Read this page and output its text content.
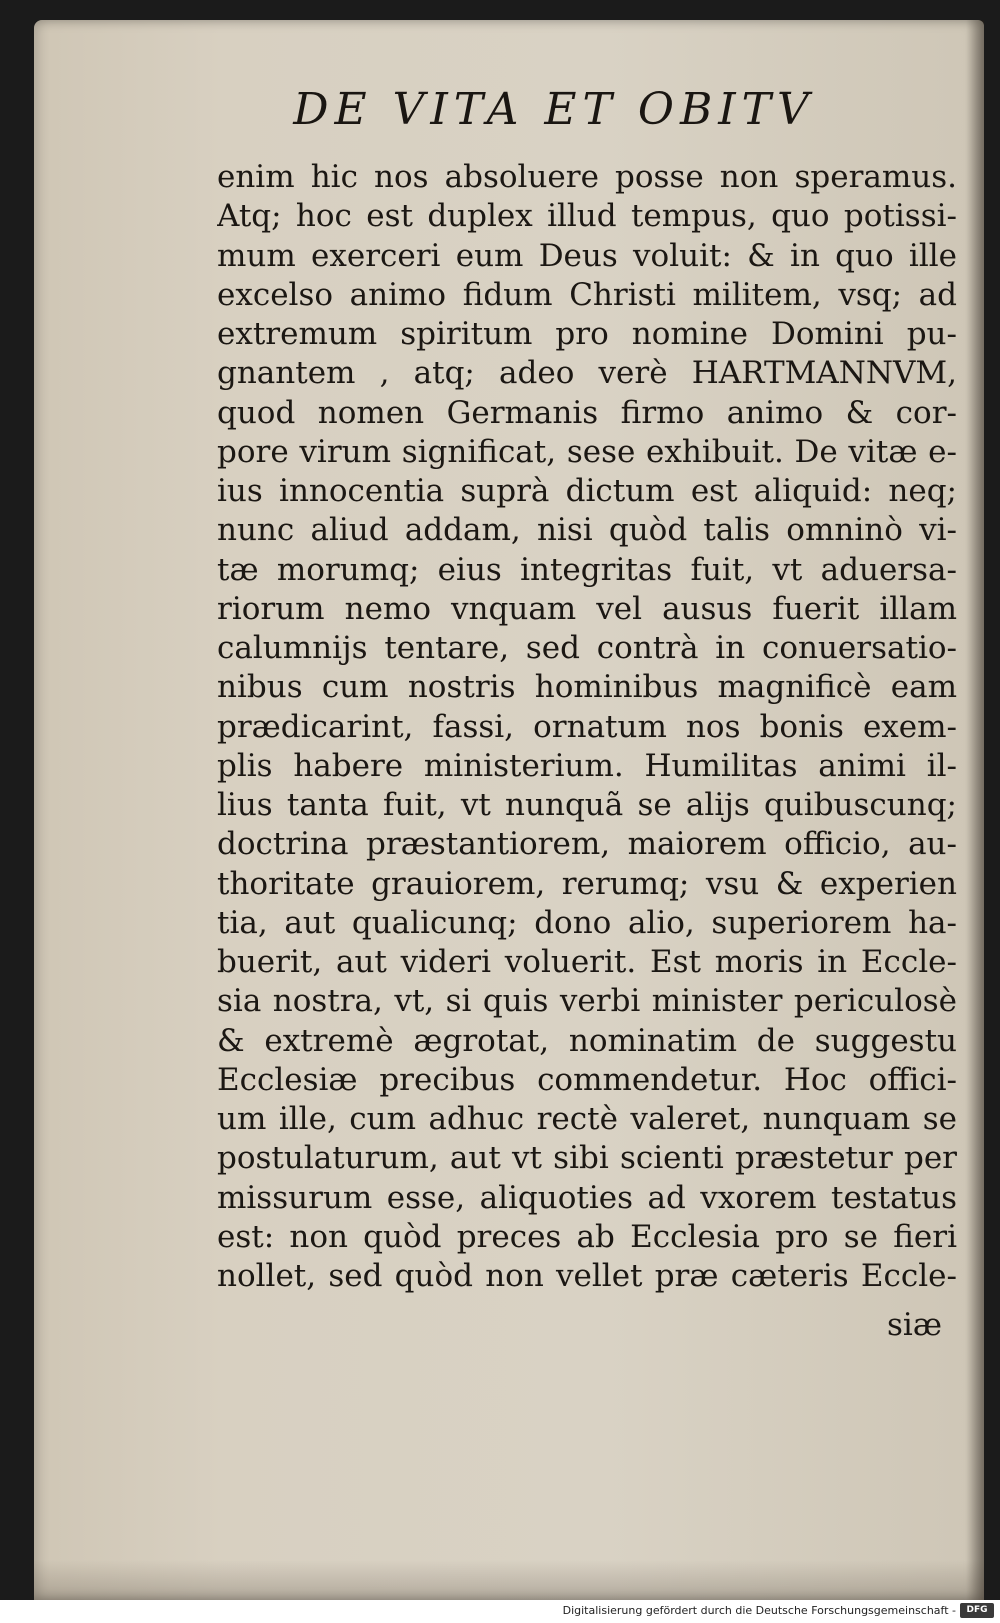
DE VITA ET OBITV
enim hic nos absoluere posse non speramus.
Atq; hoc est duplex illud tempus, quo potissi-
mum exerceri eum Deus voluit: & in quo ille
excelso animo fidum Christi militem, vsq; ad
extremum spiritum pro nomine Domini pu-
gnantem , atq; adeo verè HARTMANNVM,
quod nomen Germanis firmo animo & cor-
pore virum significat, sese exhibuit. De vitæ e-
ius innocentia suprà dictum est aliquid: neq;
nunc aliud addam, nisi quòd talis omninò vi-
tæ morumq; eius integritas fuit, vt aduersa-
riorum nemo vnquam vel ausus fuerit illam
calumnijs tentare, sed contrà in conuersatio-
nibus cum nostris hominibus magnificè eam
prædicarint, fassi, ornatum nos bonis exem-
plis habere ministerium. Humilitas animi il-
lius tanta fuit, vt nunquã se alijs quibuscunq;
doctrina præstantiorem, maiorem officio, au-
thoritate grauiorem, rerumq; vsu & experien
tia, aut qualicunq; dono alio, superiorem ha-
buerit, aut videri voluerit. Est moris in Eccle-
sia nostra, vt, si quis verbi minister periculosè
& extremè ægrotat, nominatim de suggestu
Ecclesiæ precibus commendetur. Hoc offici-
um ille, cum adhuc rectè valeret, nunquam se
postulaturum, aut vt sibi scienti præstetur per
missurum esse, aliquoties ad vxorem testatus
est: non quòd preces ab Ecclesia pro se fieri
nollet, sed quòd non vellet præ cæteris Eccle-
siæ
Digitalisierung gefördert durch die Deutsche Forschungsgemeinschaft -	DFG
